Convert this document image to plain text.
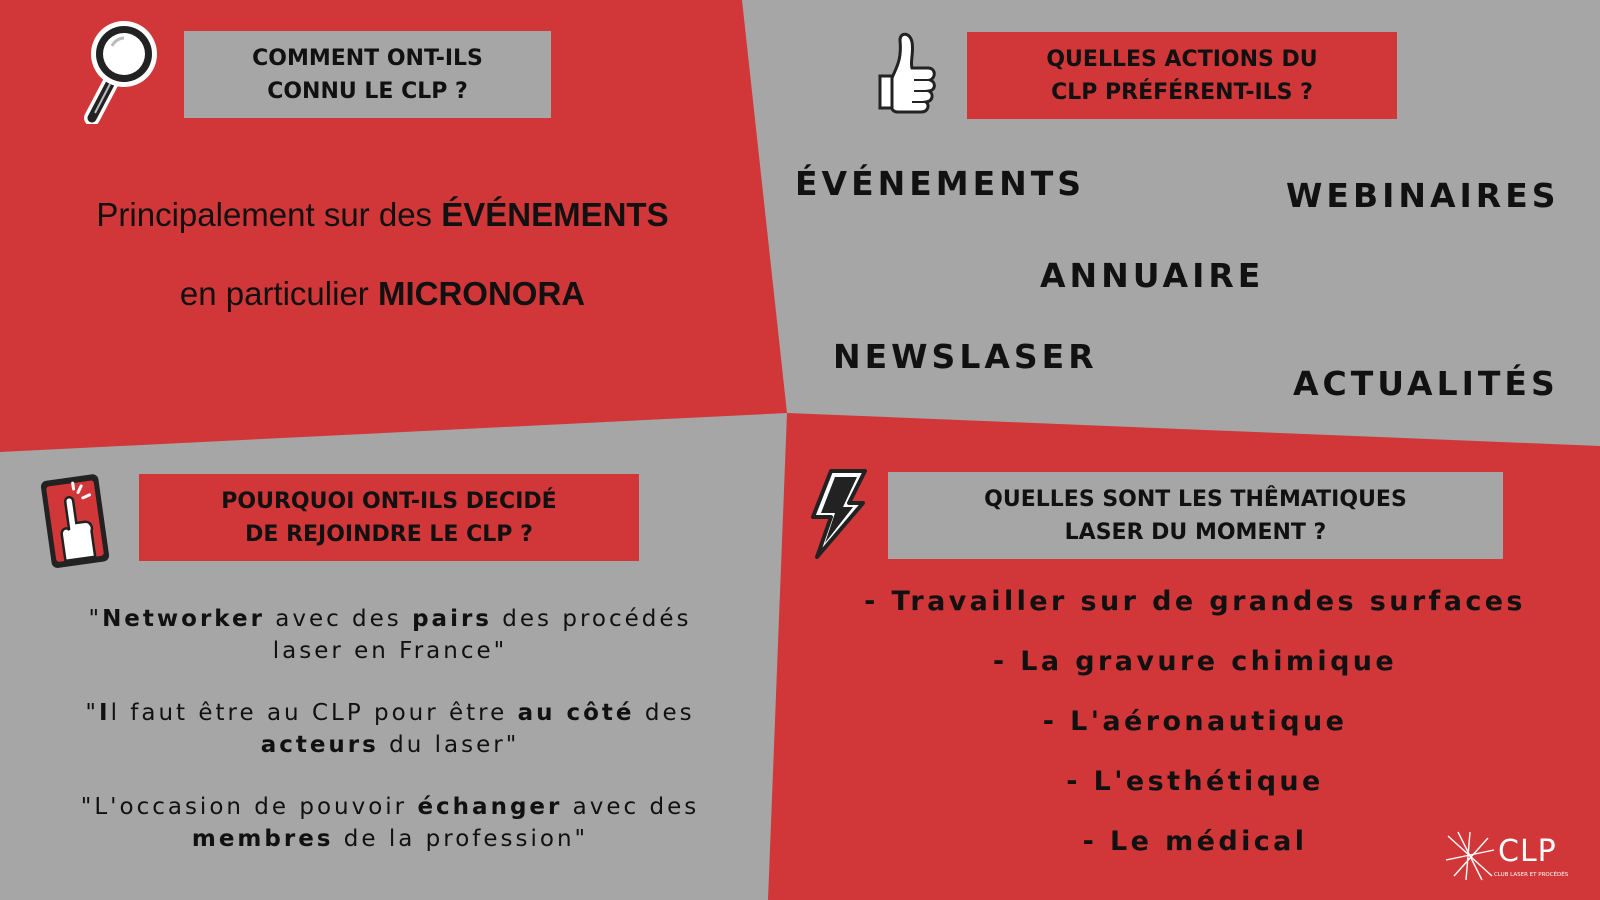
COMMENT ONT-ILS
CONNU LE CLP ?
Principalement sur des ÉVÉNEMENTS
en particulier MICRONORA
QUELLES ACTIONS DU
CLP PRÉFÉRENT-ILS ?
ÉVÉNEMENTS	WEBINAIRES
ANNUAIRE
NEWSLASER
ACTUALITÉS
POURQUOI ONT-ILS DECIDÉ
DE REJOINDRE LE CLP ?
"Networker avec des pairs des procédés laser en France"
"Il faut être au CLP pour être au côté des acteurs du laser"
"L'occasion de pouvoir échanger avec des membres de la profession"
QUELLES SONT LES THÊMATIQUES
LASER DU MOMENT ?
- Travailler sur de grandes surfaces
- La gravure chimique
- L'aéronautique
- L'esthétique
- Le médical	CLP
CLUB LASER ET PROCÉDÉS
